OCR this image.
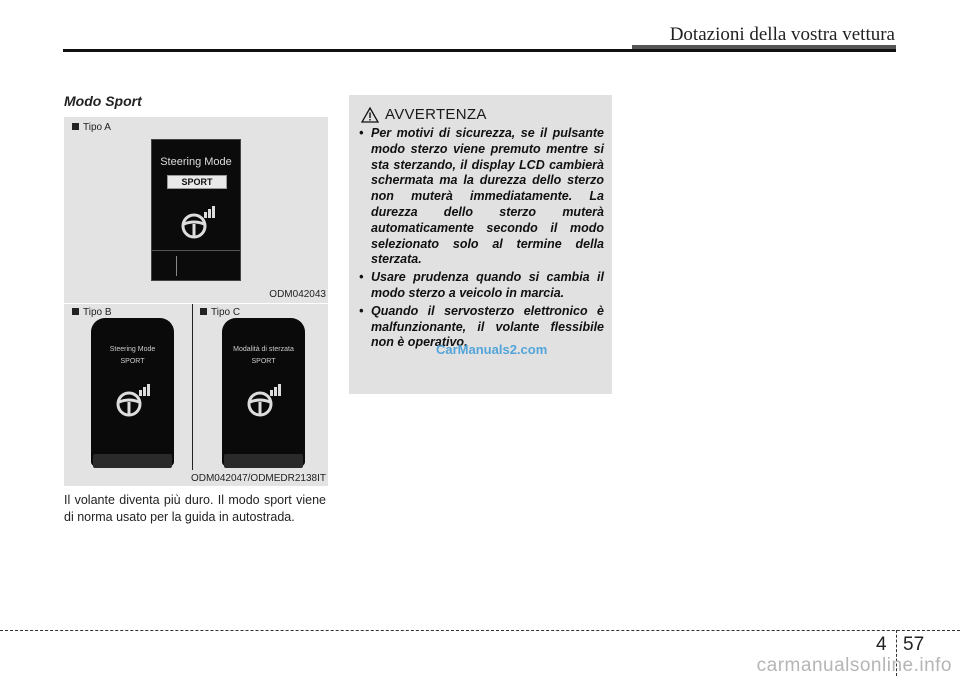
Dotazioni della vostra vettura
Modo Sport
Tipo A
Steering Mode
SPORT
ODM042043
Tipo B	Tipo C
Steering Mode
SPORT
Modalità di sterzata
SPORT
ODM042047/ODMEDR2138IT
Il volante diventa più duro. Il modo sport viene di norma usato per la guida in autostrada.
AVVERTENZA
• Per motivi di sicurezza, se il pulsante modo sterzo viene premuto mentre si sta sterzando, il display LCD cambierà schermata ma la durezza dello sterzo non muterà immediatamente. La durezza dello sterzo muterà automaticamente secondo il modo selezionato solo al termine della sterzata.
• Usare prudenza quando si cambia il modo sterzo a veicolo in marcia.
• Quando il servosterzo elettronico è malfunzionante, il volante flessibile non è operativo.
CarManuals2.com
4 57
carmanualsonline.info
